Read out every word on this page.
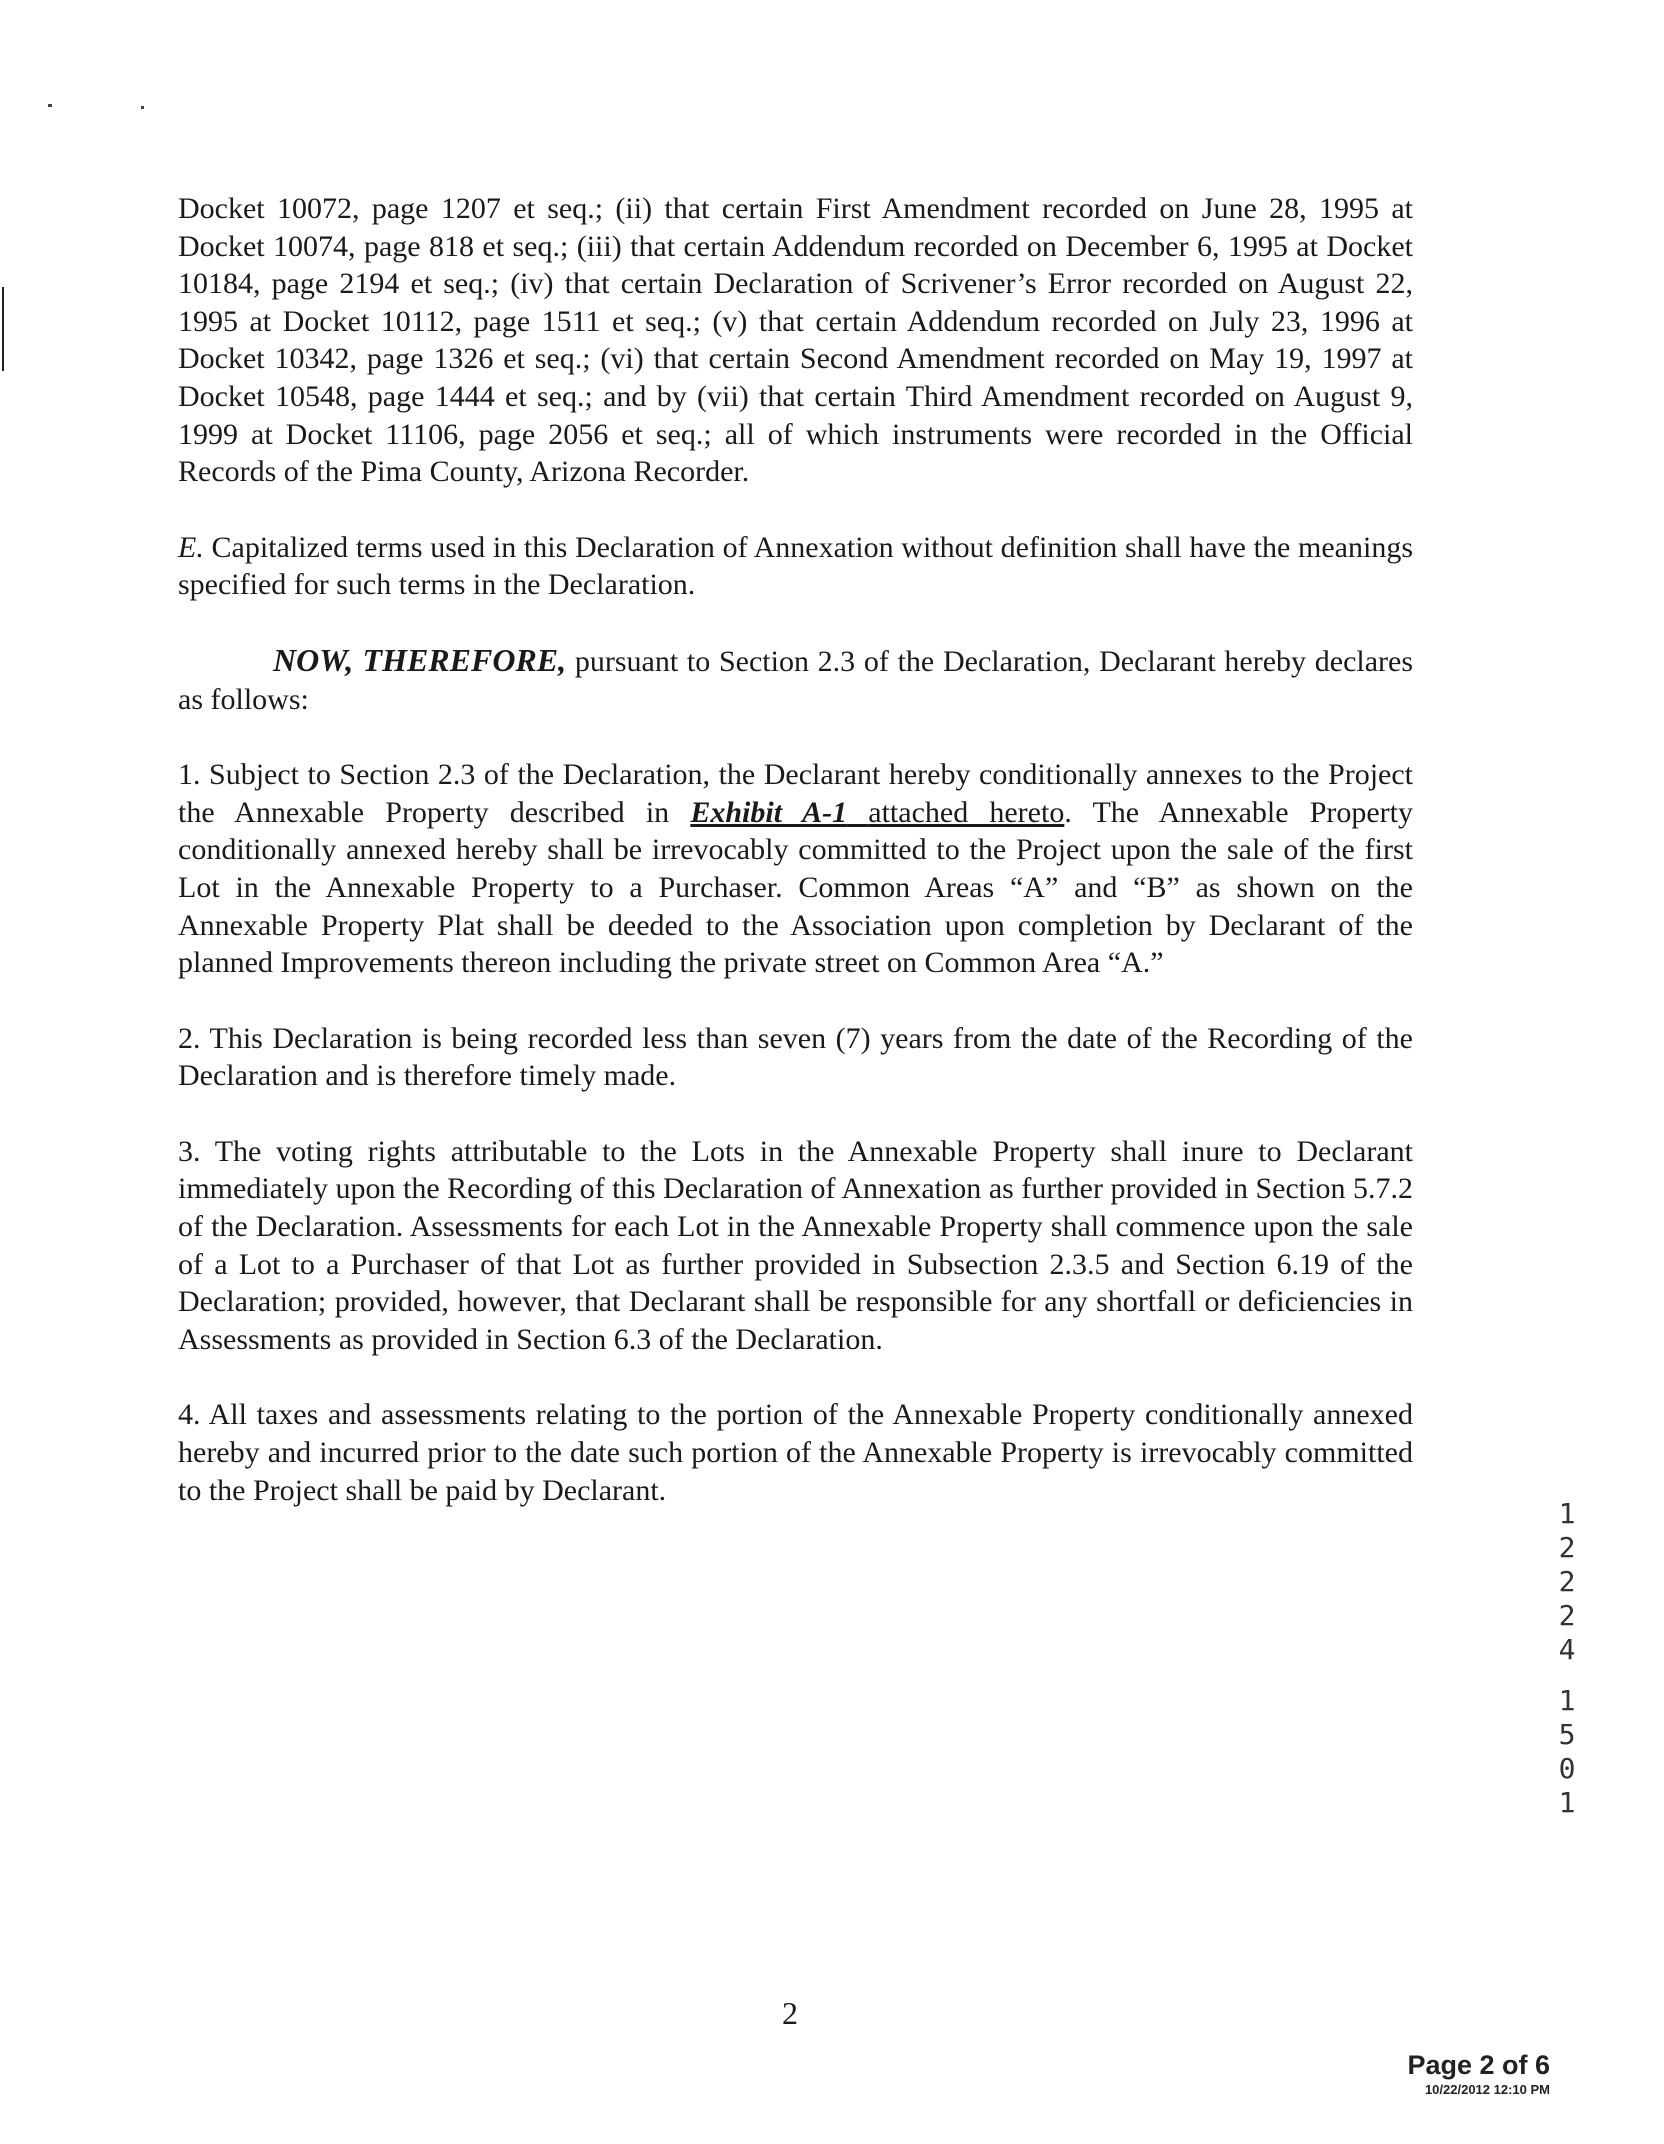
Docket 10072, page 1207 et seq.; (ii) that certain First Amendment recorded on June 28, 1995 at Docket 10074, page 818 et seq.; (iii) that certain Addendum recorded on December 6, 1995 at Docket 10184, page 2194 et seq.; (iv) that certain Declaration of Scrivener’s Error recorded on August 22, 1995 at Docket 10112, page 1511 et seq.; (v) that certain Addendum recorded on July 23, 1996 at Docket 10342, page 1326 et seq.; (vi) that certain Second Amendment recorded on May 19, 1997 at Docket 10548, page 1444 et seq.; and by (vii) that certain Third Amendment recorded on August 9, 1999 at Docket 11106, page 2056 et seq.; all of which instruments were recorded in the Official Records of the Pima County, Arizona Recorder.

E. Capitalized terms used in this Declaration of Annexation without definition shall have the meanings specified for such terms in the Declaration.

NOW, THEREFORE, pursuant to Section 2.3 of the Declaration, Declarant hereby declares as follows:

1. Subject to Section 2.3 of the Declaration, the Declarant hereby conditionally annexes to the Project the Annexable Property described in Exhibit A-1 attached hereto. The Annexable Property conditionally annexed hereby shall be irrevocably committed to the Project upon the sale of the first Lot in the Annexable Property to a Purchaser. Common Areas “A” and “B” as shown on the Annexable Property Plat shall be deeded to the Association upon completion by Declarant of the planned Improvements thereon including the private street on Common Area “A.”

2. This Declaration is being recorded less than seven (7) years from the date of the Recording of the Declaration and is therefore timely made.

3. The voting rights attributable to the Lots in the Annexable Property shall inure to Declarant immediately upon the Recording of this Declaration of Annexation as further provided in Section 5.7.2 of the Declaration. Assessments for each Lot in the Annexable Property shall commence upon the sale of a Lot to a Purchaser of that Lot as further provided in Subsection 2.3.5 and Section 6.19 of the Declaration; provided, however, that Declarant shall be responsible for any shortfall or deficiencies in Assessments as provided in Section 6.3 of the Declaration.

4. All taxes and assessments relating to the portion of the Annexable Property conditionally annexed hereby and incurred prior to the date such portion of the Annexable Property is irrevocably committed to the Project shall be paid by Declarant.

12224
1501
2
Page 2 of 6
10/22/2012 12:10 PM
